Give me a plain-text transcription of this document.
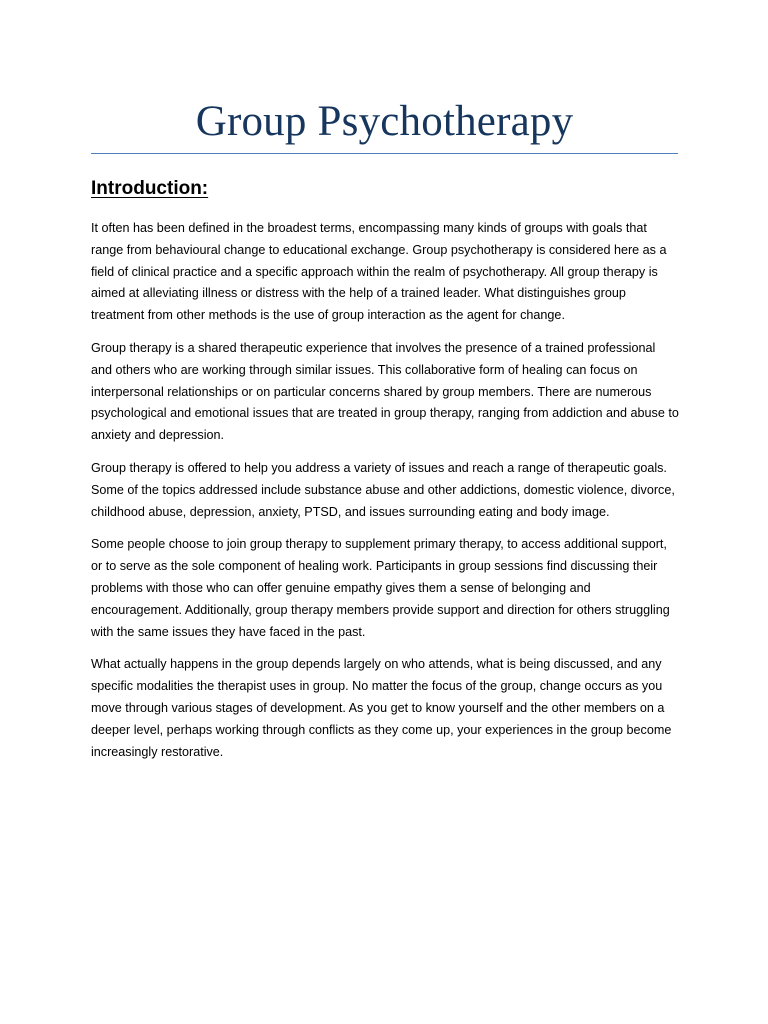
Group Psychotherapy
Introduction:

It often has been defined in the broadest terms, encompassing many kinds of groups with goals that range from behavioural change to educational exchange. Group psychotherapy is considered here as a field of clinical practice and a specific approach within the realm of psychotherapy. All group therapy is aimed at alleviating illness or distress with the help of a trained leader. What distinguishes group treatment from other methods is the use of group interaction as the agent for change.

Group therapy is a shared therapeutic experience that involves the presence of a trained professional and others who are working through similar issues. This collaborative form of healing can focus on interpersonal relationships or on particular concerns shared by group members. There are numerous psychological and emotional issues that are treated in group therapy, ranging from addiction and abuse to anxiety and depression.

Group therapy is offered to help you address a variety of issues and reach a range of therapeutic goals. Some of the topics addressed include substance abuse and other addictions, domestic violence, divorce, childhood abuse, depression, anxiety, PTSD, and issues surrounding eating and body image.

Some people choose to join group therapy to supplement primary therapy, to access additional support, or to serve as the sole component of healing work. Participants in group sessions find discussing their problems with those who can offer genuine empathy gives them a sense of belonging and encouragement. Additionally, group therapy members provide support and direction for others struggling with the same issues they have faced in the past.

What actually happens in the group depends largely on who attends, what is being discussed, and any specific modalities the therapist uses in group. No matter the focus of the group, change occurs as you move through various stages of development. As you get to know yourself and the other members on a deeper level, perhaps working through conflicts as they come up, your experiences in the group become increasingly restorative.
